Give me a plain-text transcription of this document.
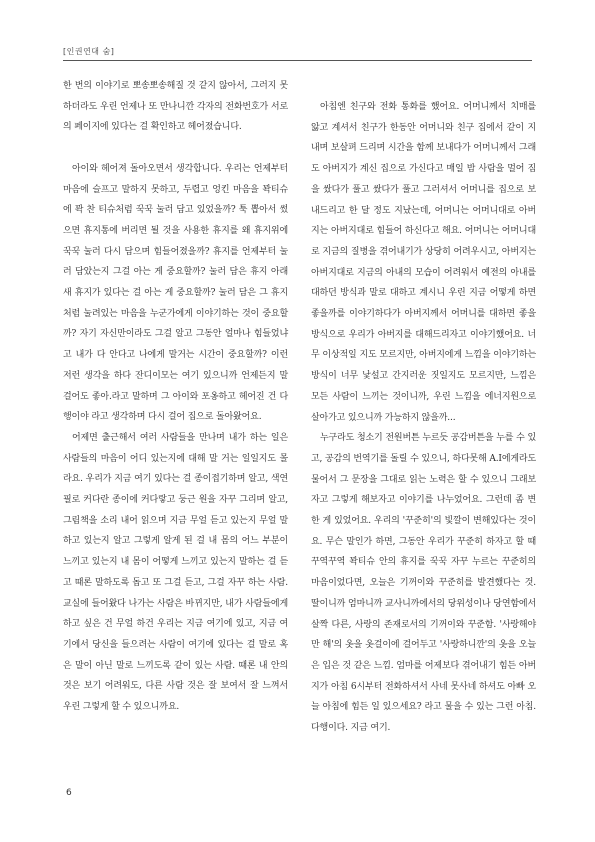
[인권연대 숨]

한 번의 이야기로 뽀송뽀송해질 것 같지 않아서, 그러지 못하더라도 우린 언제나 또 만나니깐 각자의 전화번호가 서로의 페이지에 있다는 걸 확인하고 헤어졌습니다.

아이와 헤어져 돌아오면서 생각합니다. 우리는 언제부터 마음에 슬프고 말하지 못하고, 두렵고 엉킨 마음을 꽉티슈에 꽉 찬 티슈처럼 꾹꾹 눌러 담고 있었을까? 툭 뽑아서 썼으면 휴지통에 버리면 될 것을 사용한 휴지를 왜 휴지위에 꾹꾹 눌러 다시 담으며 힘들어졌을까? 휴지를 언제부터 눌러 담았는지 그걸 아는 게 중요할까? 눌러 담은 휴지 아래 새 휴지가 있다는 걸 아는 게 중요할까? 눌러 담은 그 휴지처럼 눌려있는 마음을 누군가에게 이야기하는 것이 중요할까? 자기 자신만이라도 그걸 알고 그동안 얼마나 힘들었냐고 내가 다 안다고 나에게 말거는 시간이 중요할까? 이런 저런 생각을 하다 잔디이모는 여기 있으니까 언제든지 말 걸어도 좋아.라고 말하며 그 아이와 포옹하고 헤어진 건 다행이야 라고 생각하며 다시 걸어 집으로 돌아왔어요.

어제면 출근해서 여러 사람들을 만나며 내가 하는 일은 사람들의 마음이 어디 있는지에 대해 말 거는 일일지도 몰라요. 우리가 지금 여기 있다는 걸 종이접기하며 알고, 색연필로 커다란 종이에 커다랗고 둥근 원을 자꾸 그리며 알고, 그림책을 소리 내어 읽으며 지금 무얼 듣고 있는지 무얼 말하고 있는지 알고 그렇게 알게 된 걸 내 몸의 어느 부분이 느끼고 있는지 내 몸이 어떻게 느끼고 있는지 말하는 걸 듣고 때론 말하도록 돕고 또 그걸 듣고, 그걸 자꾸 하는 사람. 교실에 들어왔다 나가는 사람은 바뀌지만, 내가 사람들에게 하고 싶은 건 무얼 하건 우리는 지금 여기에 있고, 지금 여기에서 당신을 들으려는 사람이 여기에 있다는 걸 말로 혹은 말이 아닌 말로 느끼도록 같이 있는 사람. 때론 내 안의 것은 보기 어려워도, 다른 사람 것은 잘 보여서 잘 느껴서 우린 그렇게 할 수 있으니까요.

아침엔 친구와 전화 통화를 했어요. 어머니께서 치매를 앓고 계셔서 친구가 한동안 어머니와 친구 집에서 같이 지내며 보살펴 드리며 시간을 함께 보내다가 어머니께서 그래도 아버지가 계신 집으로 가신다고 매일 밤 사람을 멀어 짐을 쌌다가 풀고 쌌다가 풀고 그러셔서 어머니를 집으로 보내드리고 한 달 정도 지났는데, 어머니는 어머니대로 아버지는 아버지대로 힘들어 하신다고 해요. 어머니는 어머니대로 지금의 질병을 겪어내기가 상당히 어려우시고, 아버지는 아버지대로 지금의 아내의 모습이 어려워서 예전의 아내를 대하던 방식과 말로 대하고 계시니 우린 지금 어떻게 하면 좋을까를 이야기하다가 아버지께서 어머니를 대하면 좋을 방식으로 우리가 아버지를 대해드리자고 이야기했어요. 너무 이상적일 지도 모르지만, 아버지에게 느낌을 이야기하는 방식이 너무 낯설고 간지러운 짓일지도 모르지만, 느낌은 모든 사람이 느끼는 것이니까, 우린 느낌을 에너지원으로 살아가고 있으니까 가능하지 않을까...

누구라도 청소기 전원버튼 누르듯 공감버튼을 누를 수 있고, 공감의 번역기를 돌릴 수 있으니, 하다못해 A.I에게라도 물어서 그 문장을 그대로 읽는 노력은 할 수 있으니 그래보자고 그렇게 해보자고 이야기를 나누었어요. 그런데 좀 변한 게 있었어요. 우리의 '꾸준히'의 빛깔이 변해있다는 것이요. 무슨 말인가 하면, 그동안 우리가 꾸준히 하자고 할 때 꾸역꾸역 꽉티슈 안의 휴지를 꾹꾹 자꾸 누르는 꾸준히의 마음이었다면, 오늘은 기꺼이와 꾸준히를 발견했다는 것. 딸이니까 엄마니까 교사니까에서의 당위성이나 당연함에서 살짝 다른, 사랑의 존재로서의 기꺼이와 꾸준함. '사랑해야만 해'의 옷을 옷걸이에 걸어두고 '사랑하니깐'의 옷을 오늘은 입은 것 같은 느낌. 엄마를 어제보다 겪어내기 힘든 아버지가 아침 6시부터 전화하셔서 사네 못사네 하셔도 아빠 오늘 아침에 힘든 일 있으세요? 라고 물을 수 있는 그런 아침. 다행이다. 지금 여기.

6
